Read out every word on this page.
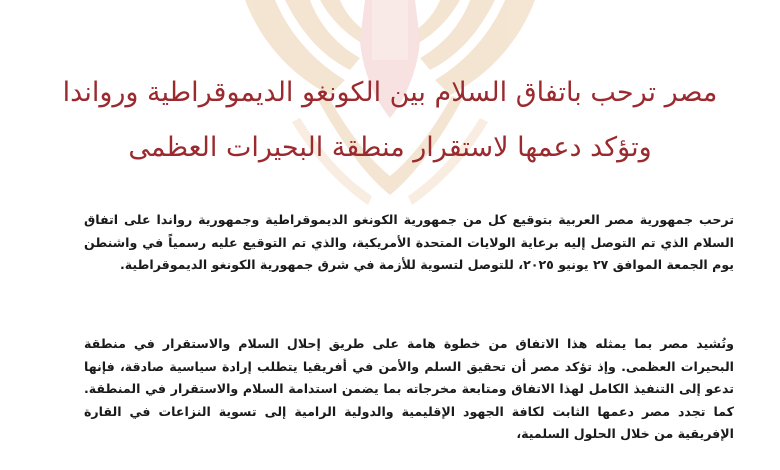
مصر ترحب باتفاق السلام بين الكونغو الديموقراطية ورواندا
وتؤكد دعمها لاستقرار منطقة البحيرات العظمى

ترحب جمهورية مصر العربية بتوقيع كل من جمهورية الكونغو الديموقراطية وجمهورية رواندا على اتفاق السلام الذي تم التوصل إليه برعاية الولايات المتحدة الأمريكية، والذي تم التوقيع عليه رسمياً في واشنطن يوم الجمعة الموافق ٢٧ يونيو ٢٠٢٥، للتوصل لتسوية للأزمة في شرق جمهورية الكونغو الديموقراطية.

وتُشيد مصر بما يمثله هذا الاتفاق من خطوة هامة على طريق إحلال السلام والاستقرار في منطقة البحيرات العظمى. وإذ تؤكد مصر أن تحقيق السلم والأمن في أفريقيا يتطلب إرادة سياسية صادقة، فإنها تدعو إلى التنفيذ الكامل لهذا الاتفاق ومتابعة مخرجاته بما يضمن استدامة السلام والاستقرار في المنطقة. كما تجدد مصر دعمها الثابت لكافة الجهود الإقليمية والدولية الرامية إلى تسوية النزاعات في القارة الإفريقية من خلال الحلول السلمية،
